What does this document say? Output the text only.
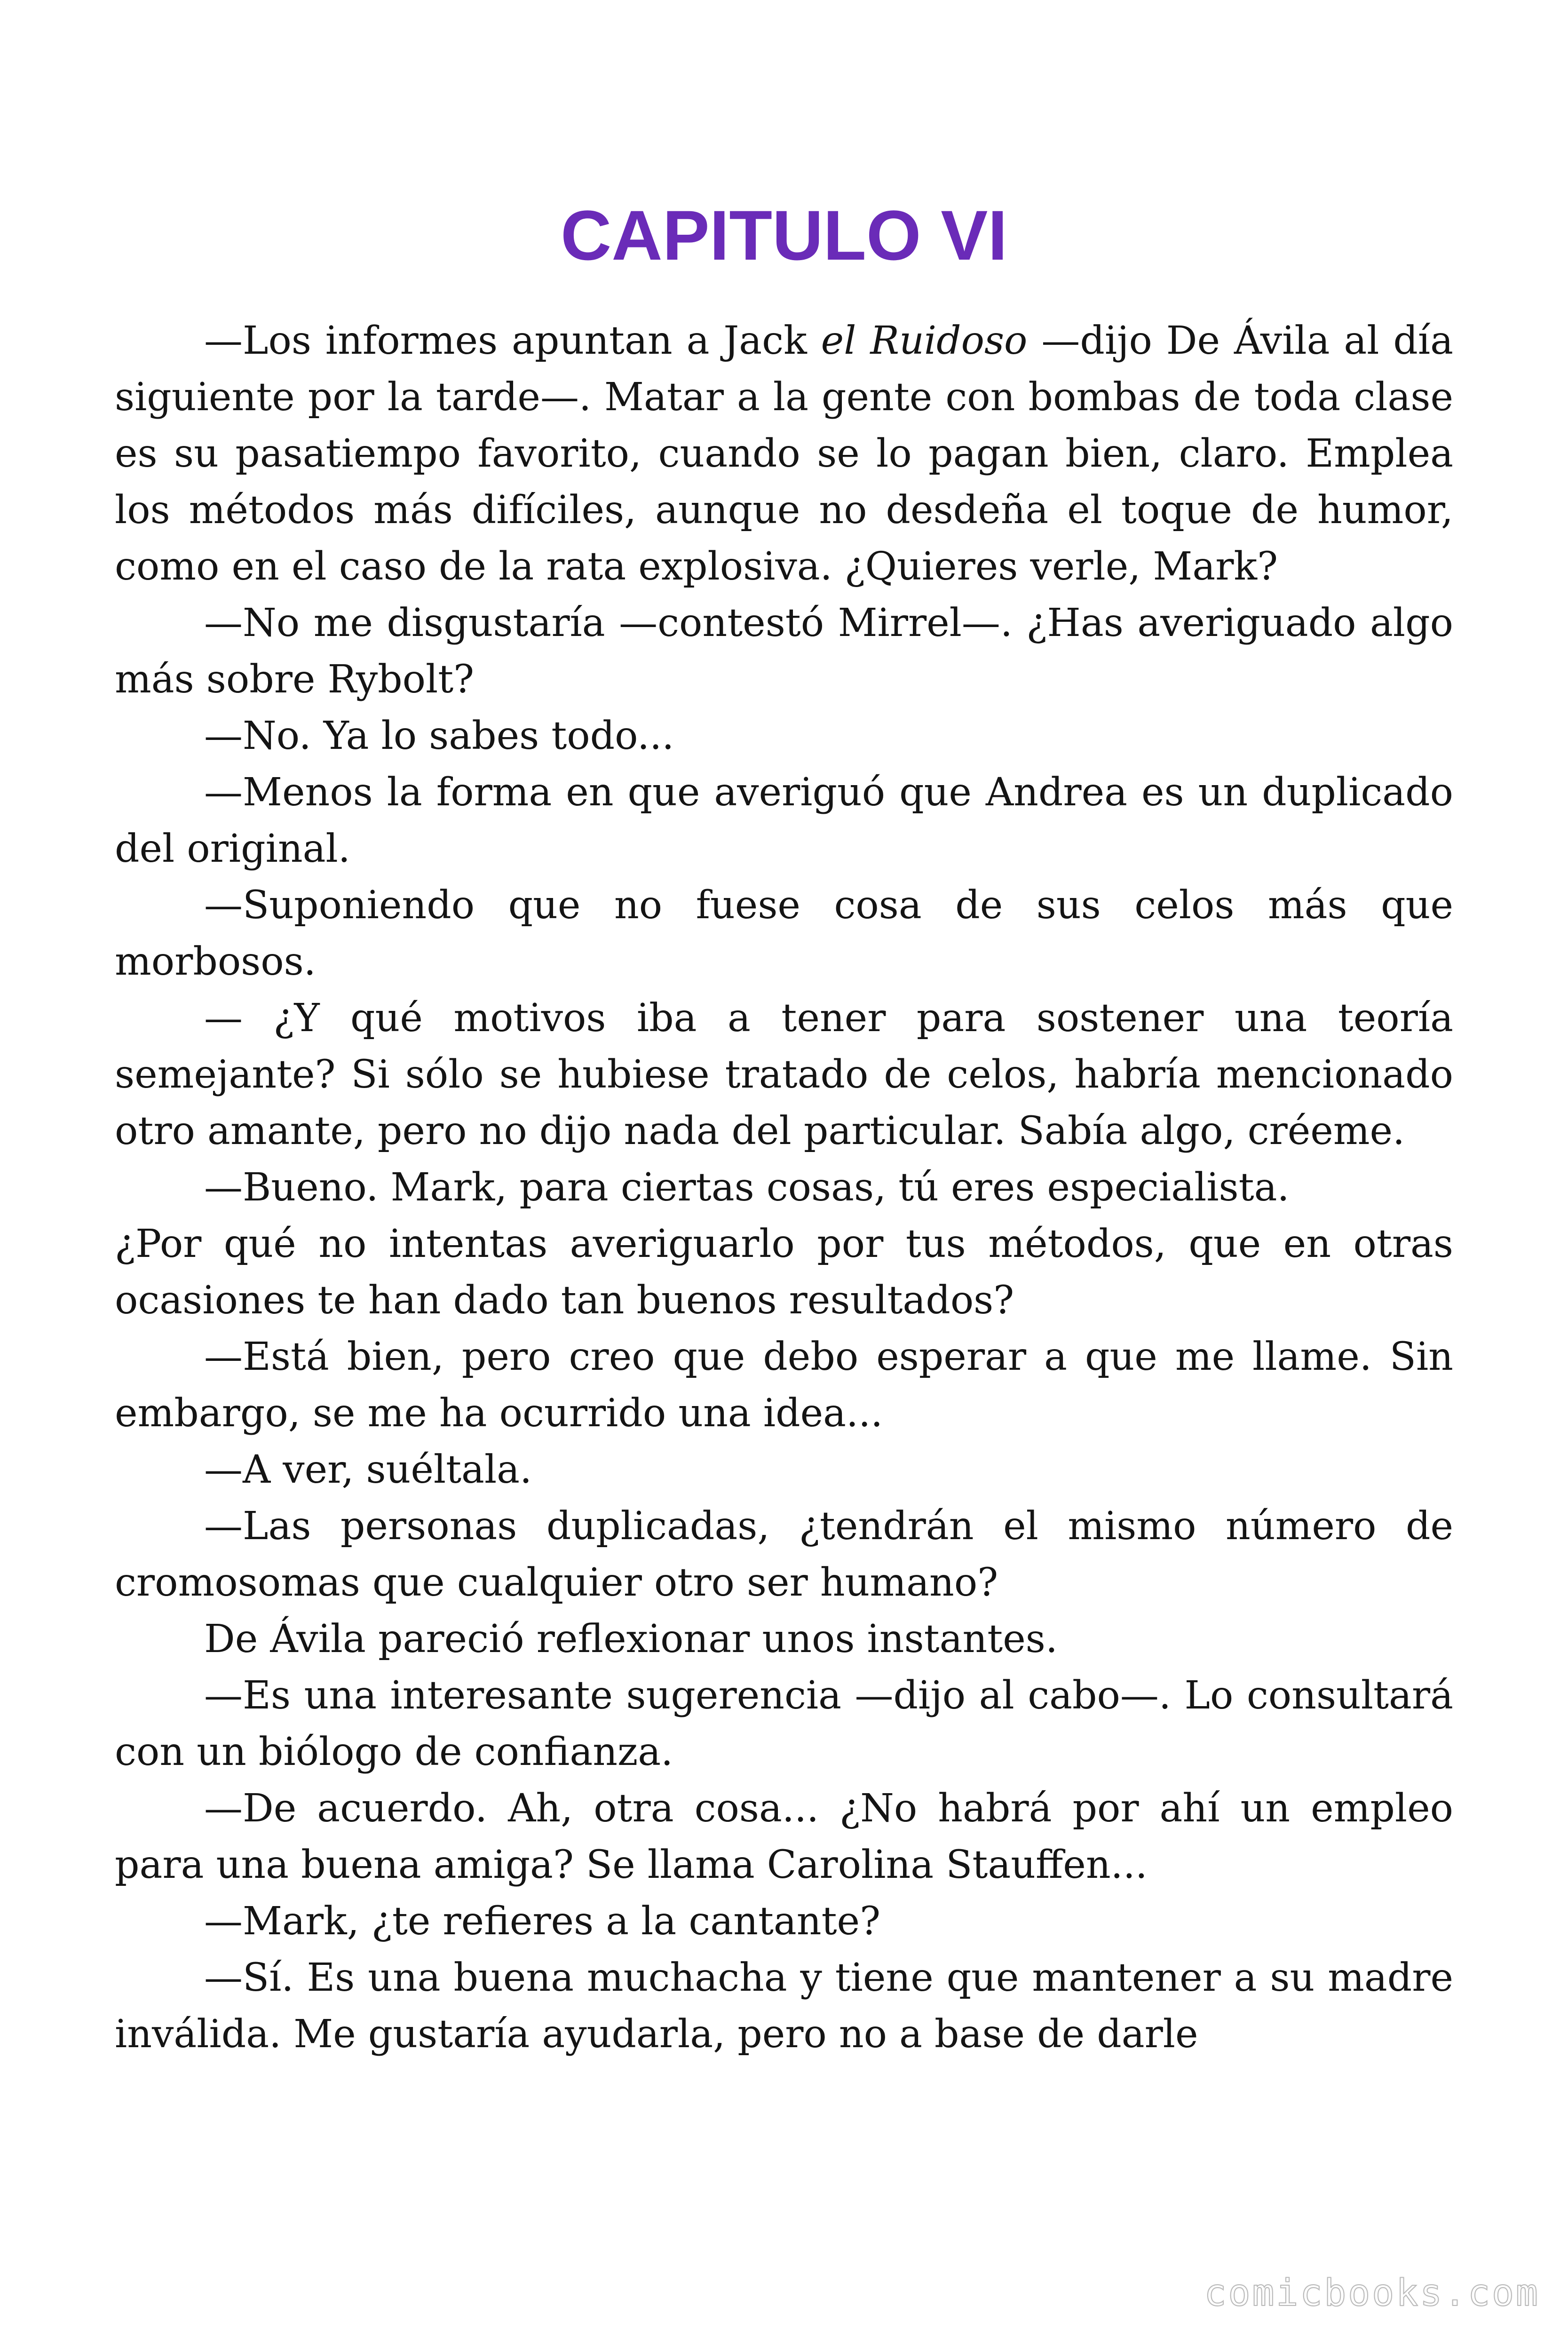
CAPITULO VI

—Los informes apuntan a Jack el Ruidoso —dijo De Ávila al día siguiente por la tarde—. Matar a la gente con bombas de toda clase es su pasatiempo favorito, cuando se lo pagan bien, claro. Emplea los métodos más difíciles, aunque no desdeña el toque de humor, como en el caso de la rata explosiva. ¿Quieres verle, Mark?

—No me disgustaría —contestó Mirrel—. ¿Has averiguado algo más sobre Rybolt?

—No. Ya lo sabes todo...

—Menos la forma en que averiguó que Andrea es un duplicado del original.

—Suponiendo que no fuese cosa de sus celos más que morbosos.

— ¿Y qué motivos iba a tener para sostener una teoría semejante? Si sólo se hubiese tratado de celos, habría mencionado otro amante, pero no dijo nada del particular. Sabía algo, créeme.

—Bueno. Mark, para ciertas cosas, tú eres especialista.

¿Por qué no intentas averiguarlo por tus métodos, que en otras ocasiones te han dado tan buenos resultados?

—Está bien, pero creo que debo esperar a que me llame. Sin embargo, se me ha ocurrido una idea...

—A ver, suéltala.

—Las personas duplicadas, ¿tendrán el mismo número de cromosomas que cualquier otro ser humano?

De Ávila pareció reflexionar unos instantes.

—Es una interesante sugerencia —dijo al cabo—. Lo consultará con un biólogo de confianza.

—De acuerdo. Ah, otra cosa... ¿No habrá por ahí un empleo para una buena amiga? Se llama Carolina Stauffen...

—Mark, ¿te refieres a la cantante?

—Sí. Es una buena muchacha y tiene que mantener a su madre inválida. Me gustaría ayudarla, pero no a base de darle

comicbooks.com
